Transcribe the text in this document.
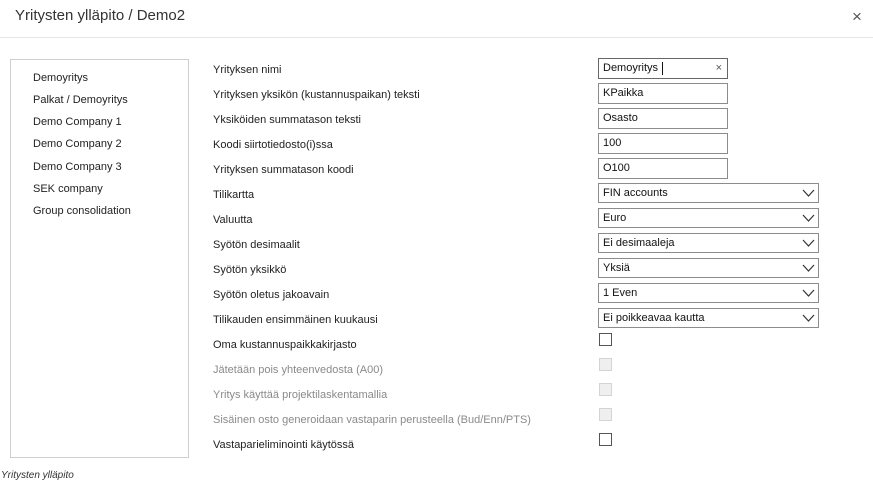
Yritysten ylläpito / Demo2	×
Demoyritys
Palkat / Demoyritys
Demo Company 1
Demo Company 2
Demo Company 3
SEK company
Group consolidation
Yrityksen nimi	Demoyritys	×
Yrityksen yksikön (kustannuspaikan) teksti	KPaikka
Yksiköiden summatason teksti	Osasto
Koodi siirtotiedosto(i)ssa	100
Yrityksen summatason koodi	O100
Tilikartta	FIN accounts
Valuutta	Euro
Syötön desimaalit	Ei desimaaleja
Syötön yksikkö	Yksiä
Syötön oletus jakoavain	1 Even
Tilikauden ensimmäinen kuukausi	Ei poikkeavaa kautta
Oma kustannuspaikkakirjasto
Jätetään pois yhteenvedosta (A00)
Yritys käyttää projektilaskentamallia
Sisäinen osto generoidaan vastaparin perusteella (Bud/Enn/PTS)
Vastaparieliminointi käytössä
Yritysten ylläpito
